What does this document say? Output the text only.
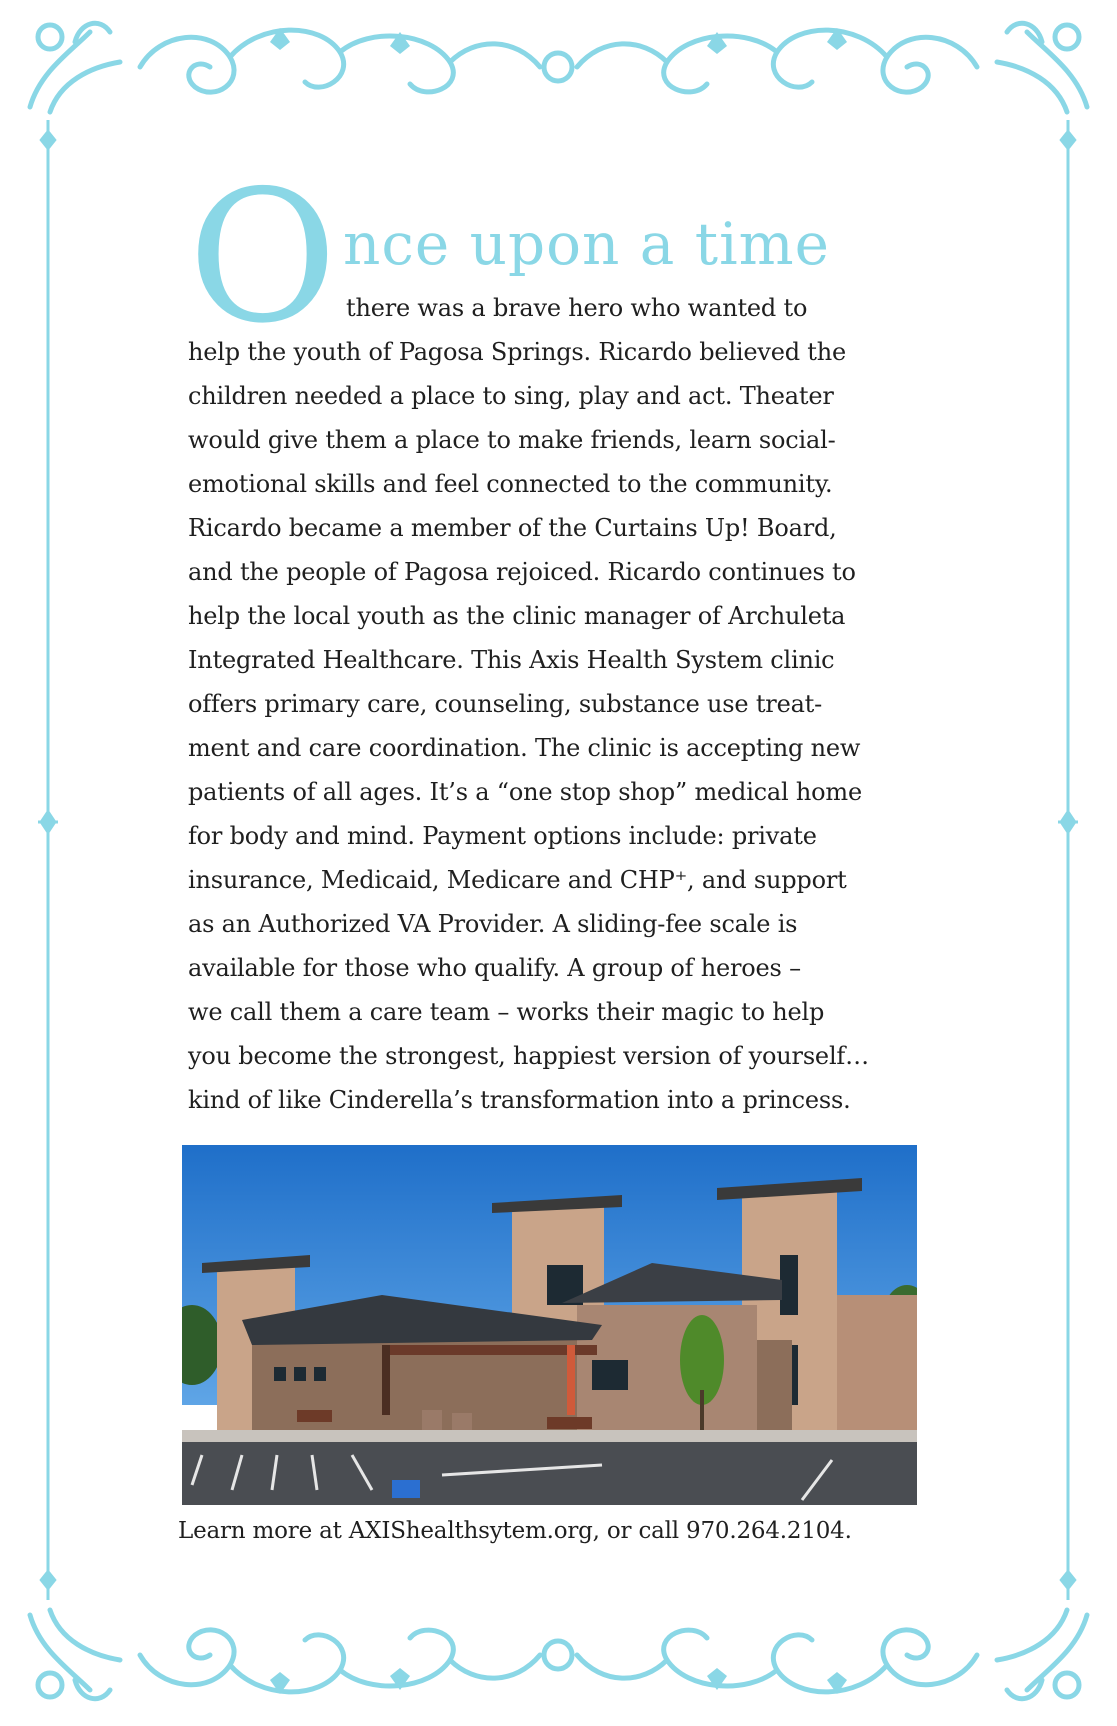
O nce upon a time
there was a brave hero who wanted to
help the youth of Pagosa Springs. Ricardo believed the
children needed a place to sing, play and act. Theater
would give them a place to make friends, learn social-
emotional skills and feel connected to the community.
Ricardo became a member of the Curtains Up! Board,
and the people of Pagosa rejoiced. Ricardo continues to
help the local youth as the clinic manager of Archuleta
Integrated Healthcare. This Axis Health System clinic
offers primary care, counseling, substance use treat-
ment and care coordination. The clinic is accepting new
patients of all ages. It’s a “one stop shop” medical home
for body and mind. Payment options include: private
insurance, Medicaid, Medicare and CHP⁺, and support
as an Authorized VA Provider. A sliding-fee scale is
available for those who qualify. A group of heroes –
we call them a care team – works their magic to help
you become the strongest, happiest version of yourself…
kind of like Cinderella’s transformation into a princess.
Learn more at AXIShealthsytem.org, or call 970.264.2104.
